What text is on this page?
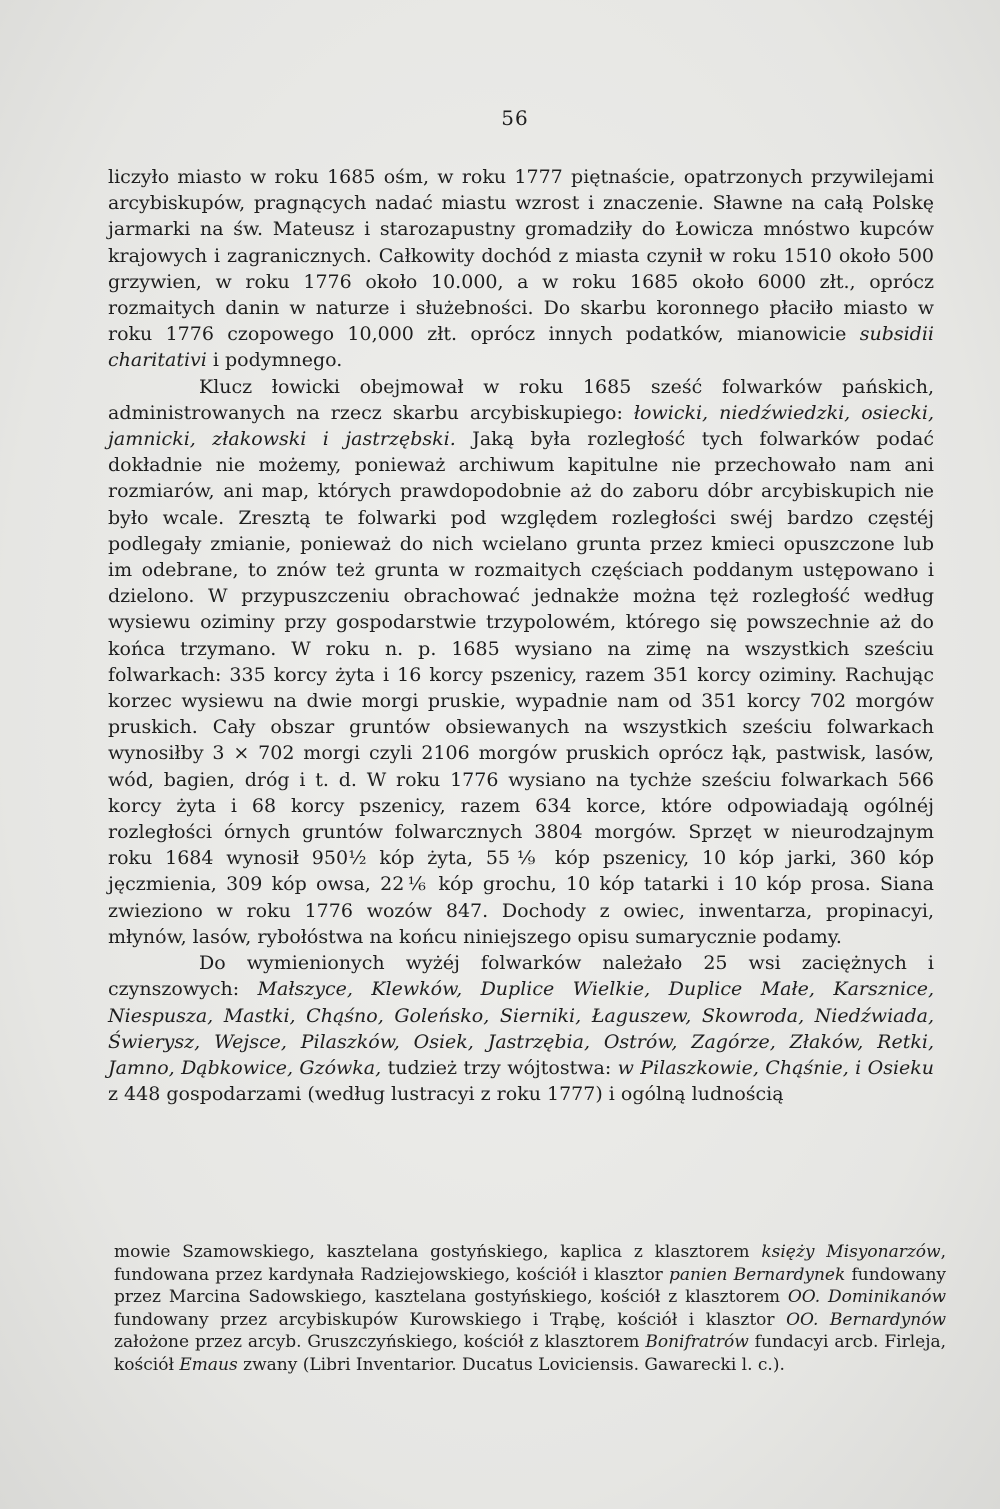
56

liczyło miasto w roku 1685 ośm, w roku 1777 piętnaście, opatrzonych przywilejami arcybiskupów, pragnących nadać miastu wzrost i znaczenie. Sławne na całą Polskę jarmarki na św. Mateusz i starozapustny gromadziły do Łowicza mnóstwo kupców krajowych i zagranicznych. Całkowity dochód z miasta czynił w roku 1510 około 500 grzywien, w roku 1776 około 10.000, a w roku 1685 około 6000 złt., oprócz rozmaitych danin w naturze i służebności. Do skarbu koronnego płaciło miasto w roku 1776 czopowego 10,000 złt. oprócz innych podatków, mianowicie subsidii charitativi i podymnego.

Klucz łowicki obejmował w roku 1685 sześć folwarków pańskich, administrowanych na rzecz skarbu arcybiskupiego: łowicki, niedźwiedzki, osiecki, jamnicki, złakowski i jastrzębski. Jaką była rozległość tych folwarków podać dokładnie nie możemy, ponieważ archiwum kapitulne nie przechowało nam ani rozmiarów, ani map, których prawdopodobnie aż do zaboru dóbr arcybiskupich nie było wcale. Zresztą te folwarki pod względem rozległości swéj bardzo częstéj podlegały zmianie, ponieważ do nich wcielano grunta przez kmieci opuszczone lub im odebrane, to znów też grunta w rozmaitych częściach poddanym ustępowano i dzielono. W przypuszczeniu obrachować jednakże można tęż rozległość według wysiewu oziminy przy gospodarstwie trzypolowém, którego się powszechnie aż do końca trzymano. W roku n. p. 1685 wysiano na zimę na wszystkich sześciu folwarkach: 335 korcy żyta i 16 korcy pszenicy, razem 351 korcy oziminy. Rachując korzec wysiewu na dwie morgi pruskie, wypadnie nam od 351 korcy 702 morgów pruskich. Cały obszar gruntów obsiewanych na wszystkich sześciu folwarkach wynosiłby 3 × 702 morgi czyli 2106 morgów pruskich oprócz łąk, pastwisk, lasów, wód, bagien, dróg i t. d. W roku 1776 wysiano na tychże sześciu folwarkach 566 korcy żyta i 68 korcy pszenicy, razem 634 korce, które odpowiadają ogólnéj rozległości órnych gruntów folwarcznych 3804 morgów. Sprzęt w nieurodzajnym roku 1684 wynosił 950½ kóp żyta, 55⅑ kóp pszenicy, 10 kóp jarki, 360 kóp jęczmienia, 309 kóp owsa, 22⅙ kóp grochu, 10 kóp tatarki i 10 kóp prosa. Siana zwieziono w roku 1776 wozów 847. Dochody z owiec, inwentarza, propinacyi, młynów, lasów, rybołóstwa na końcu niniejszego opisu sumarycznie podamy.

Do wymienionych wyżéj folwarków należało 25 wsi zaciężnych i czynszowych: Małszyce, Klewków, Duplice Wielkie, Duplice Małe, Karsznice, Niespusza, Mastki, Chąśno, Goleńsko, Sierniki, Łaguszew, Skowroda, Niedźwiada, Świerysz, Wejsce, Pilaszków, Osiek, Jastrzębia, Ostrów, Zagórze, Złaków, Retki, Jamno, Dąbkowice, Gzówka, tudzież trzy wójtostwa: w Pilaszkowie, Chąśnie, i Osieku z 448 gospodarzami (według lustracyi z roku 1777) i ogólną ludnością

mowie Szamowskiego, kasztelana gostyńskiego, kaplica z klasztorem księży Misyonarzów, fundowana przez kardynała Radziejowskiego, kościół i klasztor panien Bernardynek fundowany przez Marcina Sadowskiego, kasztelana gostyńskiego, kościół z klasztorem OO. Dominikanów fundowany przez arcybiskupów Kurowskiego i Trąbę, kościół i klasztor OO. Bernardynów założone przez arcyb. Gruszczyńskiego, kościół z klasztorem Bonifratrów fundacyi arcb. Firleja, kościół Emaus zwany (Libri Inventarior. Ducatus Loviciensis. Gawarecki l. c.).
